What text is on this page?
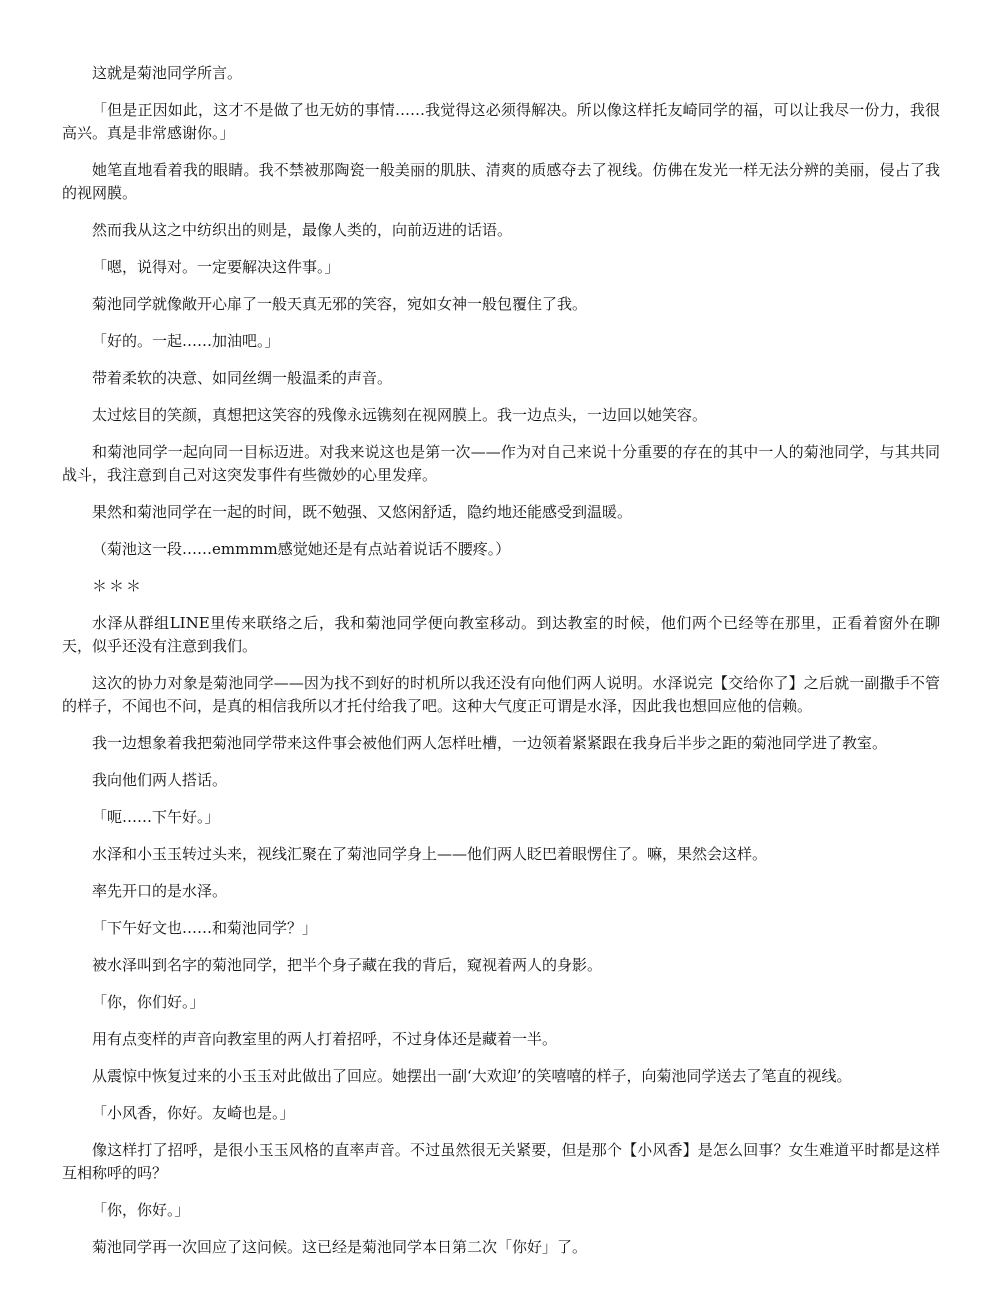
这就是菊池同学所言。

「但是正因如此，这才不是做了也无妨的事情……我觉得这必须得解决。所以像这样托友崎同学的福，可以让我尽一份力，我很高兴。真是非常感谢你。」

她笔直地看着我的眼睛。我不禁被那陶瓷一般美丽的肌肤、清爽的质感夺去了视线。仿佛在发光一样无法分辨的美丽，侵占了我的视网膜。

然而我从这之中纺织出的则是，最像人类的，向前迈进的话语。

「嗯，说得对。一定要解决这件事。」

菊池同学就像敞开心扉了一般天真无邪的笑容，宛如女神一般包覆住了我。

「好的。一起……加油吧。」

带着柔软的决意、如同丝绸一般温柔的声音。

太过炫目的笑颜，真想把这笑容的残像永远镌刻在视网膜上。我一边点头，一边回以她笑容。

和菊池同学一起向同一目标迈进。对我来说这也是第一次——作为对自己来说十分重要的存在的其中一人的菊池同学，与其共同战斗，我注意到自己对这突发事件有些微妙的心里发痒。

果然和菊池同学在一起的时间，既不勉强、又悠闲舒适，隐约地还能感受到温暖。

（菊池这一段……emmmm感觉她还是有点站着说话不腰疼。）

＊＊＊

水泽从群组LINE里传来联络之后，我和菊池同学便向教室移动。到达教室的时候，他们两个已经等在那里，正看着窗外在聊天，似乎还没有注意到我们。

这次的协力对象是菊池同学——因为找不到好的时机所以我还没有向他们两人说明。水泽说完【交给你了】之后就一副撒手不管的样子，不闻也不问，是真的相信我所以才托付给我了吧。这种大气度正可谓是水泽，因此我也想回应他的信赖。

我一边想象着我把菊池同学带来这件事会被他们两人怎样吐槽，一边领着紧紧跟在我身后半步之距的菊池同学进了教室。

我向他们两人搭话。

「呃……下午好。」

水泽和小玉玉转过头来，视线汇聚在了菊池同学身上——他们两人眨巴着眼愣住了。嘛，果然会这样。

率先开口的是水泽。

「下午好文也……和菊池同学？」

被水泽叫到名字的菊池同学，把半个身子藏在我的背后，窥视着两人的身影。

「你，你们好。」

用有点变样的声音向教室里的两人打着招呼，不过身体还是藏着一半。

从震惊中恢复过来的小玉玉对此做出了回应。她摆出一副‘大欢迎’的笑嘻嘻的样子，向菊池同学送去了笔直的视线。

「小风香，你好。友崎也是。」

像这样打了招呼，是很小玉玉风格的直率声音。不过虽然很无关紧要，但是那个【小风香】是怎么回事？女生难道平时都是这样互相称呼的吗？

「你，你好。」

菊池同学再一次回应了这问候。这已经是菊池同学本日第二次「你好」了。
